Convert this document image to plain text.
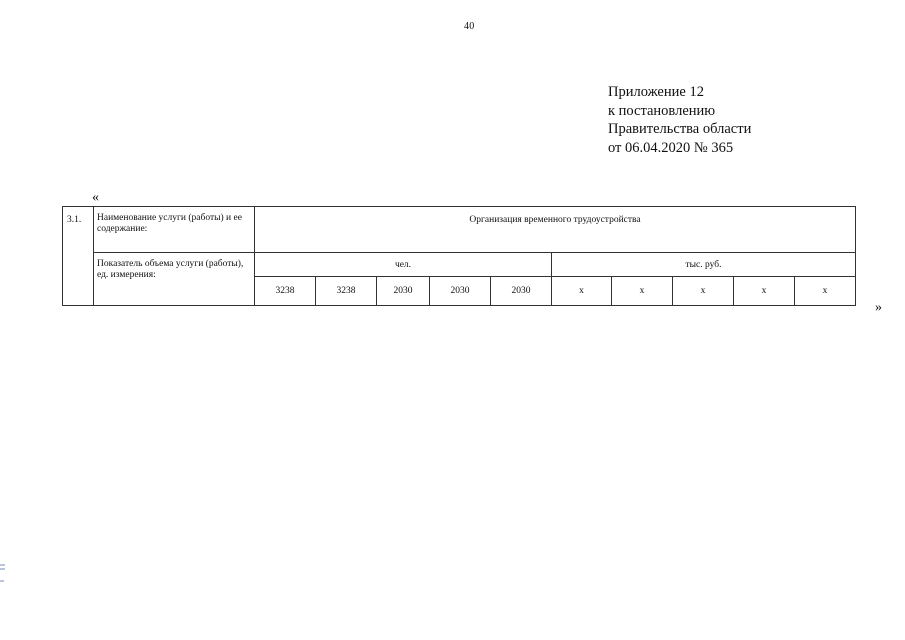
40
Приложение 12
к постановлению
Правительства области
от 06.04.2020 № 365
«
3.1.	Наименование услуги (работы) и ее содержание:	Организация временного трудоустройства									
	Показатель объема услуги (работы), ед. измерения:	чел.					тыс. руб.				
		3238	3238	2030	2030	2030	х	х	х	х	х
»
